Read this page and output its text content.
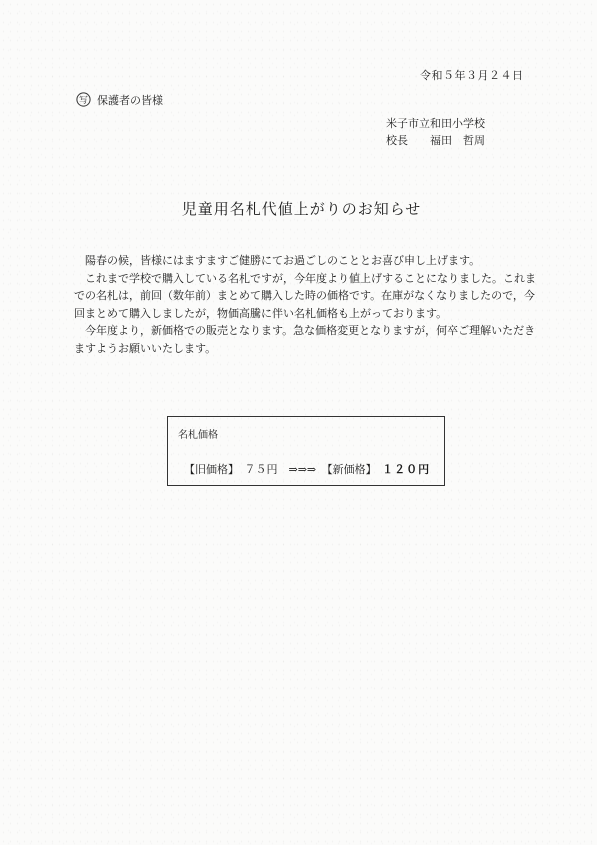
令和５年３月２４日
写 保護者の皆様
米子市立和田小学校
校長　　福田　哲周
児童用名札代値上がりのお知らせ

陽春の候，皆様にはますますご健勝にてお過ごしのこととお喜び申し上げます。

これまで学校で購入している名札ですが，今年度より値上げすることになりました。これまでの名札は，前回（数年前）まとめて購入した時の価格です。在庫がなくなりましたので，今回まとめて購入しましたが，物価高騰に伴い名札価格も上がっております。

今年度より，新価格での販売となります。急な価格変更となりますが，何卒ご理解いただきますようお願いいたします。

名札価格
【旧価格】　 ７５円　 ⇒⇒⇒　 【新価格】　 １２０円
